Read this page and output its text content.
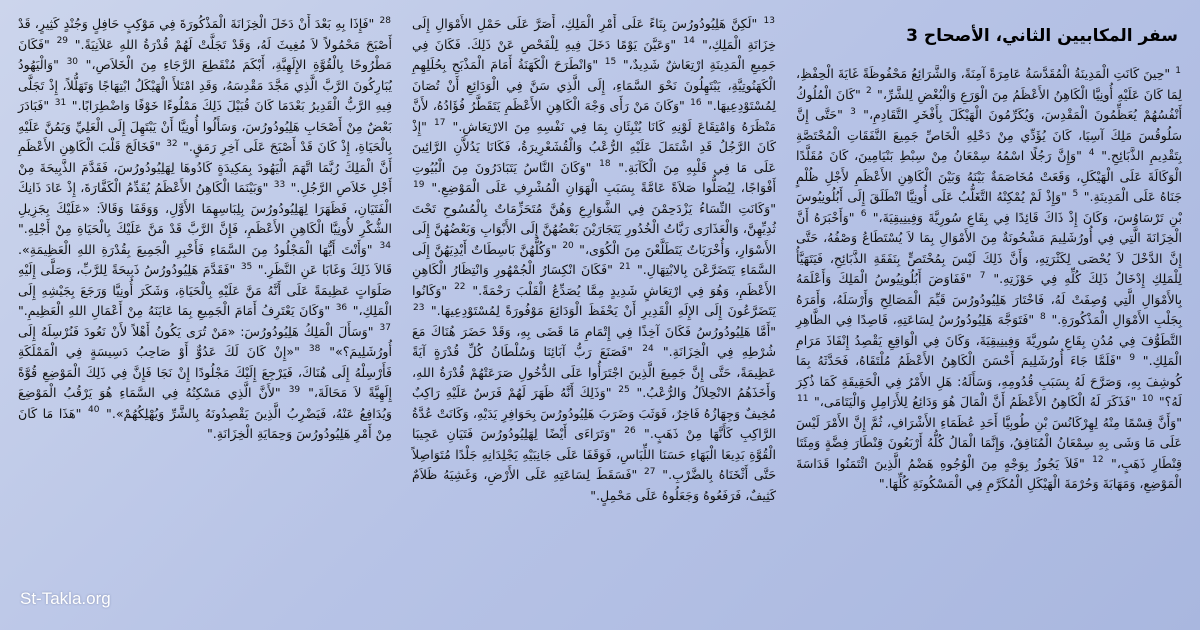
سفر المكابيين الثاني، الأصحاح 3

$^1$ "حِينَ كَانَتِ الْمَدِينَةُ الْمُقَدَّسَةُ عَامِرَةً آمِنَةً، وَالشَّرَائِعُ مَحْفُوظَةً غَايَةَ الْحِفْظِ، لِمَا كَانَ عَلَيْهِ أُونِيَّا الْكَاهِنُ الأَعْظَمُ مِنَ الْوَرَعِ وَالْبُغْضِ لِلشَّرِّ،" $^2$ "كَانَ الْمُلُوكُ أَنْفُسُهُمْ يُعَظِّمُونَ الْمَقْدِسَ، وَيُكَرِّمُونَ الْهَيْكَلَ بِأَفْخَرِ التَّقَادِمِ،" $^3$ "حَتَّى إِنَّ سَلُوقُسَ مَلِكَ آسِيَا، كَانَ يُؤَدِّي مِنْ دَخْلِهِ الْخَاصِّ جَمِيعَ النَّفَقَاتِ الْمُخْتَصَّةِ بِتَقْدِيمِ الذَّبَائِحِ." $^4$ "وَإِنَّ رَجُلًا اسْمُهُ سِمْعَانُ مِنْ سِبْطِ بَنْيَامِينَ، كَانَ مُقَلَّدًا الْوَكَالَةَ عَلَى الْهَيْكَلِ، وَقَعَتْ مُخَاصَمَةٌ بَيْنَهُ وَبَيْنَ الْكَاهِنِ الأَعْظَمِ لأَجْلِ ظُلْمٍ جَنَاهُ عَلَى الْمَدِينَةِ." $^5$ "وَإِذْ لَمْ يُمْكِنْهُ التَّغَلُّبُ عَلَى أُونِيَّا انْطَلَقَ إِلَى أَبُلُونِيُوسَ بْنِ تَرْسَاوُسَ، وَكَانَ إِذْ ذَاكَ قَائِدًا فِي بِقَاعِ سُورِيَّةَ وَفِينِيقِيَةَ،" $^6$ "وَأَخْبَرَهُ أَنَّ الْخِزَانَةَ الَّتِي فِي أُورُشَلِيمَ مَشْحُونَةٌ مِنَ الأَمْوَالِ بِمَا لاَ يُسْتَطَاعُ وَصْفُهُ، حَتَّى إِنَّ الدَّخْلَ لاَ يُحْصَى لِكَثْرَتِهِ، وَأَنَّ ذَلِكَ لَيْسَ بِمُخْتَصٍّ بِنَفَقَةِ الذَّبَائِحِ، فَيَتَهَيَّأُ لِلْمَلِكِ إِدْخَالُ ذَلِكَ كُلِّهِ فِي حَوْزَتِهِ." $^7$ "فَفَاوَضَ أَبُلُونِيُوسُ الْمَلِكَ وَأَعْلَمَهُ بِالأَمْوَالِ الَّتِي وُصِفَتْ لَهُ، فَاخْتَارَ هَلِيُودُورُسَ قَيِّمَ الْمَصَالِحِ وَأَرْسَلَهُ، وَأَمَرَهُ بِجَلْبِ الأَمْوَالِ الْمَذْكُورَةِ." $^8$ "فَتَوَجَّهَ هَلِيُودُورُسُ لِسَاعَتِهِ، قَاصِدًا فِي الظَّاهِرِ التَّطَوُّفَ فِي مُدُنِ بِقَاعِ سُورِيَّةَ وَفِينِيقِيَةَ، وَكَانَ فِي الْوَاقِعِ يَقْصِدُ إِنْفَاذَ مَرَامِ الْمَلِكِ." $^9$ "فَلَمَّا جَاءَ أُورُشَلِيمَ أَحْسَنَ الْكَاهِنُ الأَعْظَمُ مُلْتَقَاهُ، فَحَدَّثَهُ بِمَا كُوشِفَ بِهِ، وَصَرَّحَ لَهُ بِسَبَبِ قُدُومِهِ، وَسَأَلَهُ: هَلِ الأَمْرُ فِي الْحَقِيقَةِ كَمَا ذُكِرَ لَهُ؟" $^{10}$ "فَذَكَرَ لَهُ الْكَاهِنُ الأَعْظَمُ أَنَّ الْمَالَ هُوَ وَدَائِعُ لِلأَرَامِلِ وَالْيَتَامَى،" $^{11}$ "وَأَنَّ قِسْمًا مِنْهُ لِهِرْكَانُسَ بْنِ طُوبِيَّا أَحَدِ عُظَمَاءِ الأَشْرَافِ، ثُمَّ إِنَّ الأَمْرَ لَيْسَ عَلَى مَا وَشَى بِهِ سِمْعَانُ الْمُنَافِقُ، وَإِنَّمَا الْمَالُ كُلُّهُ أَرْبَعُونَ قِنْطَارَ فِضَّةٍ وَمِئَتَا قِنْطَارِ ذَهَبٍ،" $^{12}$ "فَلاَ يَجُوزُ بِوَجْهٍ مِنَ الْوُجُوهِ هَضْمُ الَّذِينَ ائْتَمَنُوا قَدَاسَةَ الْمَوْضِعِ، وَمَهَابَةَ وَحُرْمَةَ الْهَيْكَلِ الْمُكَرَّمِ فِي الْمَسْكُونَةِ كُلِّهَا."

$^{13}$ "لَكِنَّ هَلِيُودُورُسَ بِنَاءً عَلَى أَمْرِ الْمَلِكِ، أَصَرَّ عَلَى حَمْلِ الأَمْوَالِ إِلَى خِزَانَةِ الْمَلِكِ،" $^{14}$ "وَعَيَّنَ يَوْمًا دَخَلَ فِيهِ لِلْفَحْصِ عَنْ ذَلِكَ. فَكَانَ فِي جَمِيعِ الْمَدِينَةِ ارْتِعَاشٌ شَدِيدٌ،" $^{15}$ "وَانْطَرَحَ الْكَهَنَةُ أَمَامَ الْمَذْبَحِ بِحُلَلِهِمِ الْكَهَنُوتِيَّةِ، يَبْتَهِلُونَ نَحْوَ السَّمَاءِ، إِلَى الَّذِي سَنَّ فِي الْوَدَائِعِ أَنْ تُصَانَ لِمُسْتَوْدِعِيهَا." $^{16}$ "وَكَانَ مَنْ رَأَى وَجْهَ الْكَاهِنِ الأَعْظَمِ يَتَقَطَّرُ فُؤَادُهُ، لأَنَّ مَنْظَرَهُ وَامْتِقَاعَ لَوْنِهِ كَانَا يُنْبِئَانِ بِمَا فِي نَفْسِهِ مِنَ الارْتِعَاشِ." $^{17}$ "إِذْ كَانَ الرَّجُلُ قَدِ اشْتَمَلَ عَلَيْهِ الرُّعْبُ وَالْقُشَعْرِيرَةُ، فَكَانَا يَدُلاَّنِ الرَّائِينَ عَلَى مَا فِي قَلْبِهِ مِنَ الْكَآبَةِ." $^{18}$ "وَكَانَ النَّاسُ يَتَبَادَرُونَ مِنَ الْبُيُوتِ أَفْوَاجًا، لِيُصَلُّوا صَلاَةً عَامَّةً بِسَبَبِ الْهَوَانِ الْمُشْرِفِ عَلَى الْمَوْضِعِ." $^{19}$ "وَكَانَتِ النِّسَاءُ يَزْدَحِمْنَ فِي الشَّوَارِعِ وَهُنَّ مُتَحَزِّمَاتٌ بِالْمُسُوحِ تَحْتَ ثُدِيِّهِنَّ، وَالْعَذَارَى رَبَّاتُ الْخُدُورِ يَتَجَارَيْنَ بَعْضُهُنَّ إِلَى الأَبْوَابِ وَبَعْضُهُنَّ إِلَى الأَسْوَارِ، وَأُخْرَيَاتٌ يَتَطَلَّعْنَ مِنَ الْكُوَى،" $^{20}$ "وَكُلُّهُنَّ بَاسِطَاتٌ أَيْدِيَهُنَّ إِلَى السَّمَاءِ يَتَضَرَّعْنَ بِالابْتِهَالِ." $^{21}$ "فَكَانَ انْكِسَارُ الْجُمْهُورِ وَانْتِظَارُ الْكَاهِنِ الأَعْظَمِ، وَهُوَ فِي ارْتِعَاشٍ شَدِيدٍ مِمَّا يُصَدِّعُ الْقَلْبَ رَحْمَةً." $^{22}$ "وَكَانُوا يَتَضَرَّعُونَ إِلَى الإِلَهِ الْقَدِيرِ أَنْ يَحْفَظَ الْوَدَائِعَ مَوْفُورَةً لِمُسْتَوْدِعِيهَا." $^{23}$ "أَمَّا هَلِيُودُورُسُ فَكَانَ آخِذًا فِي إِتْمَامِ مَا قَضَى بِهِ، وَقَدْ حَضَرَ هُنَاكَ مَعَ شُرْطِهِ فِي الْخِزَانَةِ." $^{24}$ "فَصَنَعَ رَبُّ آبَائِنَا وَسُلْطَانُ كُلِّ قُدْرَةٍ آيَةً عَظِيمَةً، حَتَّى إِنَّ جَمِيعَ الَّذِينَ اجْتَرَأُوا عَلَى الدُّخُولِ صَرَعَتْهُمْ قُدْرَةُ اللهِ، وَأَخَذَهُمُ الانْحِلاَلُ وَالرُّعْبُ." $^{25}$ "وَذَلِكَ أَنَّهُ ظَهَرَ لَهُمْ فَرَسٌ عَلَيْهِ رَاكِبٌ مُخِيفٌ وَجِهَازُهُ فَاخِرٌ، فَوَثَبَ وَضَرَبَ هَلِيُودُورُسَ بِحَوَافِرِ يَدَيْهِ، وَكَانَتْ عُدَّةُ الرَّاكِبِ كَأَنَّهَا مِنْ ذَهَبٍ." $^{26}$ "وَتَرَاءَى أَيْضًا لِهَلِيُودُورُسَ فَتَيَانِ عَجِيبَا الْقُوَّةِ بَدِيعَا الْبَهَاءِ حَسَنَا اللِّبَاسِ، فَوَقَفَا عَلَى جَانِبَيْهِ يَجْلِدَانِهِ جَلْدًا مُتَوَاصِلاً حَتَّى أَثْخَنَاهُ بِالضَّرْبِ." $^{27}$ "فَسَقَطَ لِسَاعَتِهِ عَلَى الأَرْضِ، وَغَشِيَهُ ظَلاَمٌ كَثِيفٌ، فَرَفَعُوهُ وَجَعَلُوهُ عَلَى مَحْمِلٍ."

$^{28}$ "فَإِذَا بِهِ بَعْدَ أَنْ دَخَلَ الْخِزَانَةَ الْمَذْكُورَةَ فِي مَوْكِبٍ حَافِلٍ وَجُنْدٍ كَثِيرٍ، قَدْ أَصْبَحَ مَحْمُولاً لاَ مُغِيثَ لَهُ، وَقَدْ تَجَلَّتْ لَهُمْ قُدْرَةُ اللهِ عَلاَنِيَةً." $^{29}$ "فَكَانَ مَطْرُوحًا بِالْقُوَّةِ الإِلَهِيَّةِ، أَبْكَمَ مُنْقَطِعَ الرَّجَاءِ مِنَ الْخَلاَصِ،" $^{30}$ "وَالْيَهُودُ يُبَارِكُونَ الرَّبَّ الَّذِي مَجَّدَ مَقْدِسَهُ، وَقَدِ امْتَلأَ الْهَيْكَلُ ابْتِهَاجًا وَتَهَلُّلاً، إِذْ تَجَلَّى فِيهِ الرَّبُّ الْقَدِيرُ بَعْدَمَا كَانَ قُبَيْلَ ذَلِكَ مَمْلُوءًا خَوْفًا وَاضْطِرَابًا." $^{31}$ "فَبَادَرَ بَعْضٌ مِنْ أَصْحَابِ هَلِيُودُورُسَ، وَسَأَلُوا أُونِيَّا أَنْ يَبْتَهِلَ إِلَى الْعَلِيِّ وَيَمُنَّ عَلَيْهِ بِالْحَيَاةِ، إِذْ كَانَ قَدْ أَصْبَحَ عَلَى آخِرِ رَمَقٍ." $^{32}$ "فَخَالَجَ قَلْبَ الْكَاهِنِ الأَعْظَمِ أَنَّ الْمَلِكَ رُبَّمَا اتَّهَمَ الْيَهُودَ بِمَكِيدَةٍ كَادُوهَا لِهَلِيُودُورُسَ، فَقَدَّمَ الذَّبِيحَةَ مِنْ أَجْلِ خَلاَصِ الرَّجُلِ." $^{33}$ "وَبَيْنَمَا الْكَاهِنُ الأَعْظَمُ يُقَدِّمُ الْكَفَّارَةَ، إِذْ عَادَ ذَانِكَ الْفَتَيَانِ، فَظَهَرَا لِهَلِيُودُورُسَ بِلِبَاسِهِمَا الأَوَّلِ، وَوَقَفَا وَقَالاَ: «عَلَيْكَ بِجَزِيلِ الشُّكْرِ لأُونِيَّا الْكَاهِنِ الأَعْظَمِ، فَإِنَّ الرَّبَّ قَدْ مَنَّ عَلَيْكَ بِالْحَيَاةِ مِنْ أَجْلِهِ." $^{34}$ "وَأَنْتَ أَيُّهَا الْمَجْلُودُ مِنَ السَّمَاءِ فَأَخْبِرِ الْجَمِيعَ بِقُدْرَةِ اللهِ الْعَظِيمَةِ». قَالاَ ذَلِكَ وَغَابَا عَنِ النَّظَرِ." $^{35}$ "فَقَدَّمَ هَلِيُودُورُسُ ذَبِيحَةً لِلرَّبِّ، وَصَلَّى إِلَيْهِ صَلَوَاتٍ عَظِيمَةً عَلَى أَنَّهُ مَنَّ عَلَيْهِ بِالْحَيَاةِ، وَشَكَرَ أُونِيَّا وَرَجَعَ بِجَيْشِهِ إِلَى الْمَلِكِ،" $^{36}$ "وَكَانَ يَعْتَرِفُ أَمَامَ الْجَمِيعِ بِمَا عَايَنَهُ مِنْ أَعْمَالِ اللهِ الْعَظِيمِ." $^{37}$ "وَسَأَلَ الْمَلِكُ هَلِيُودُورُسَ: «مَنْ تُرَى يَكُونُ أَهْلاً لأَنْ نَعُودَ فَنُرْسِلَهُ إِلَى أُورُشَلِيمَ؟»" $^{38}$ "«إِنْ كَانَ لَكَ عَدُوٌّ أَوْ صَاحِبُ دَسِيسَةٍ فِي الْمَمْلَكَةِ فَأَرْسِلْهُ إِلَى هُنَاكَ، فَيَرْجِعَ إِلَيْكَ مَجْلُودًا إِنْ نَجَا فَإِنَّ فِي ذَلِكَ الْمَوْضِعِ قُوَّةً إِلَهِيَّةً لاَ مَحَالَةَ،" $^{39}$ "لأَنَّ الَّذِي مَسْكِنُهُ فِي السَّمَاءِ هُوَ يَرْقُبُ الْمَوْضِعَ وَيُدَافِعُ عَنْهُ، فَيَضْرِبُ الَّذِينَ يَقْصِدُونَهُ بِالشَّرِّ وَيُهْلِكُهُمْ»." $^{40}$ "هَذَا مَا كَانَ مِنْ أَمْرِ هَلِيُودُورُسَ وَحِمَايَةِ الْخِزَانَةِ."

St-Takla.org
